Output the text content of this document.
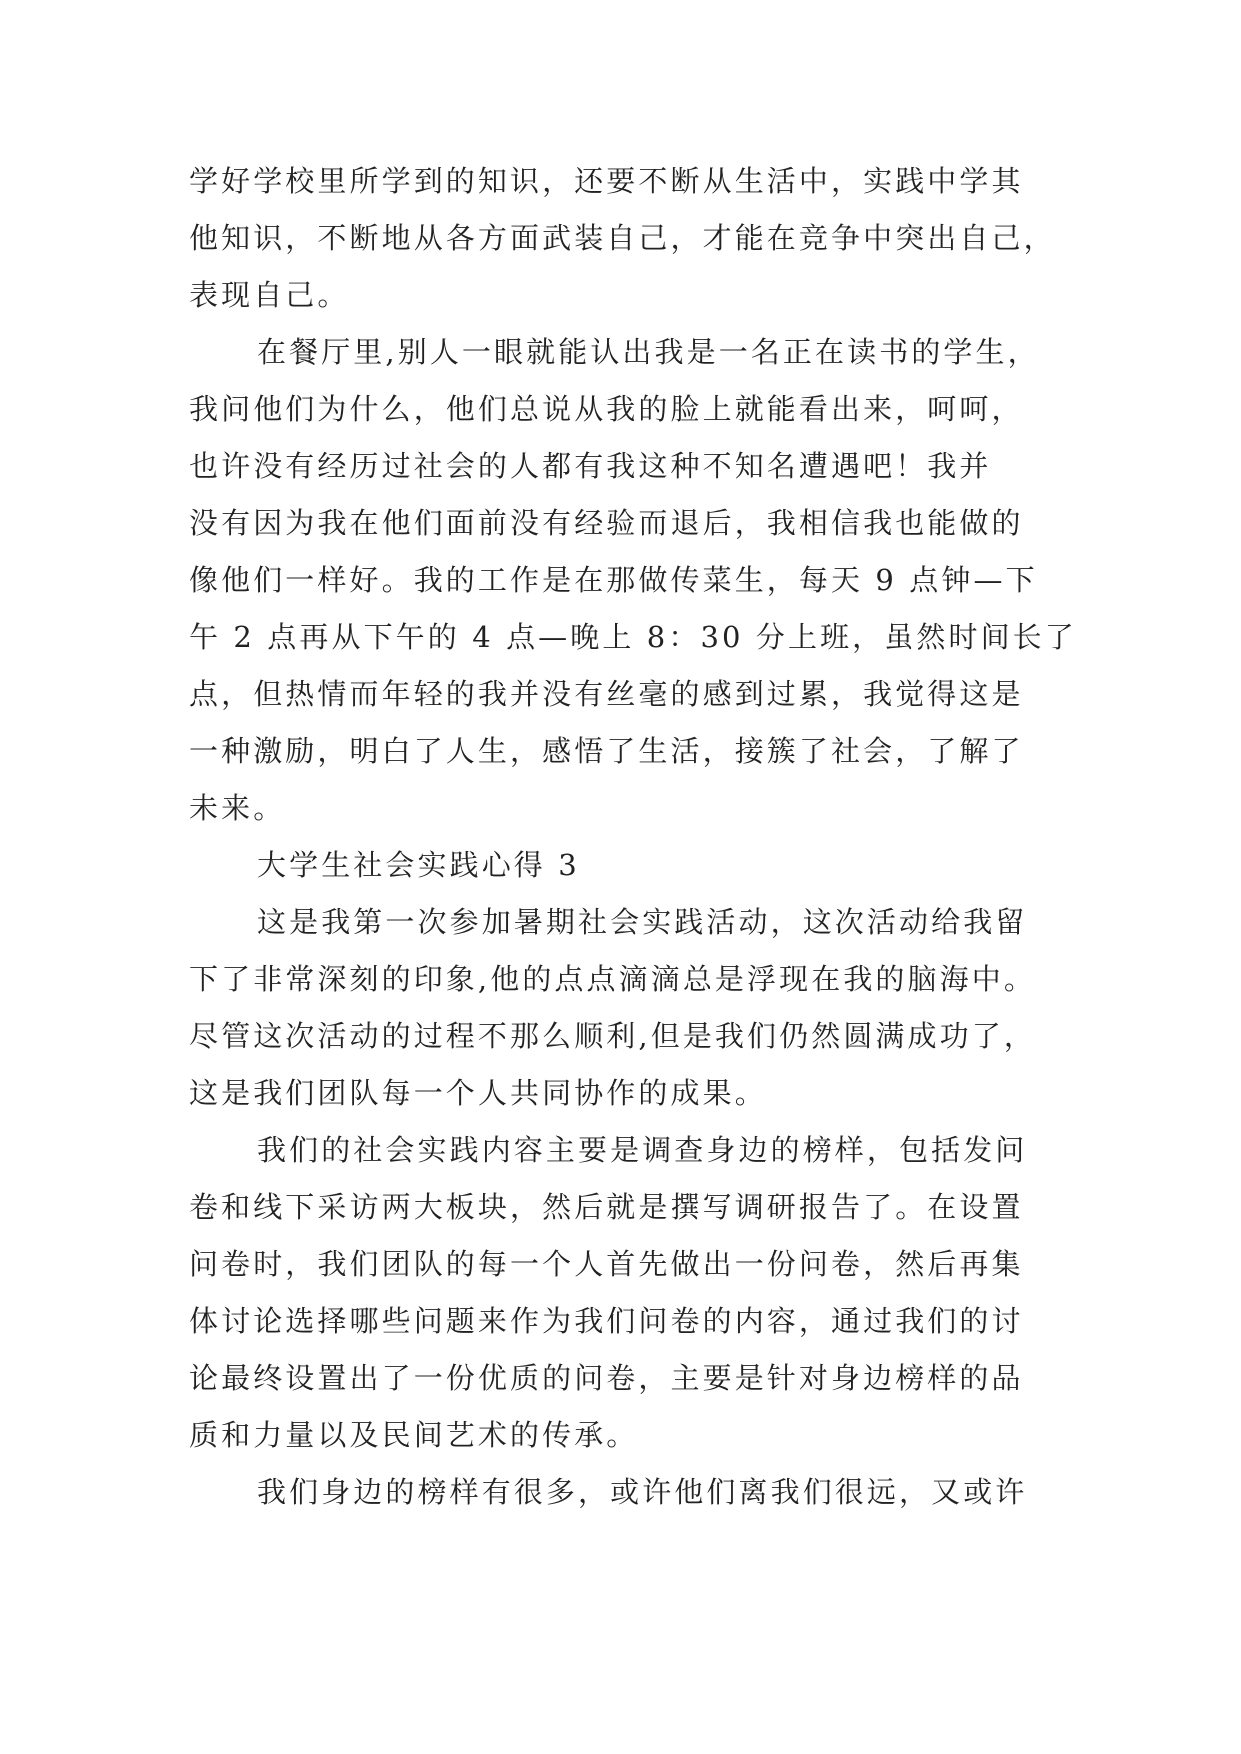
学好学校里所学到的知识，还要不断从生活中，实践中学其
他知识，不断地从各方面武装自己，才能在竞争中突出自己，
表现自己。
在餐厅里,别人一眼就能认出我是一名正在读书的学生，
我问他们为什么，他们总说从我的脸上就能看出来，呵呵，
也许没有经历过社会的人都有我这种不知名遭遇吧！我并
没有因为我在他们面前没有经验而退后，我相信我也能做的
像他们一样好。我的工作是在那做传菜生，每天 9 点钟—下
午 2 点再从下午的 4 点—晚上 8：30 分上班，虽然时间长了
点，但热情而年轻的我并没有丝毫的感到过累，我觉得这是
一种激励，明白了人生，感悟了生活，接簇了社会，了解了
未来。
大学生社会实践心得 3
这是我第一次参加暑期社会实践活动，这次活动给我留
下了非常深刻的印象,他的点点滴滴总是浮现在我的脑海中。
尽管这次活动的过程不那么顺利,但是我们仍然圆满成功了，
这是我们团队每一个人共同协作的成果。
我们的社会实践内容主要是调查身边的榜样，包括发问
卷和线下采访两大板块，然后就是撰写调研报告了。在设置
问卷时，我们团队的每一个人首先做出一份问卷，然后再集
体讨论选择哪些问题来作为我们问卷的内容，通过我们的讨
论最终设置出了一份优质的问卷，主要是针对身边榜样的品
质和力量以及民间艺术的传承。
我们身边的榜样有很多，或许他们离我们很远，又或许
